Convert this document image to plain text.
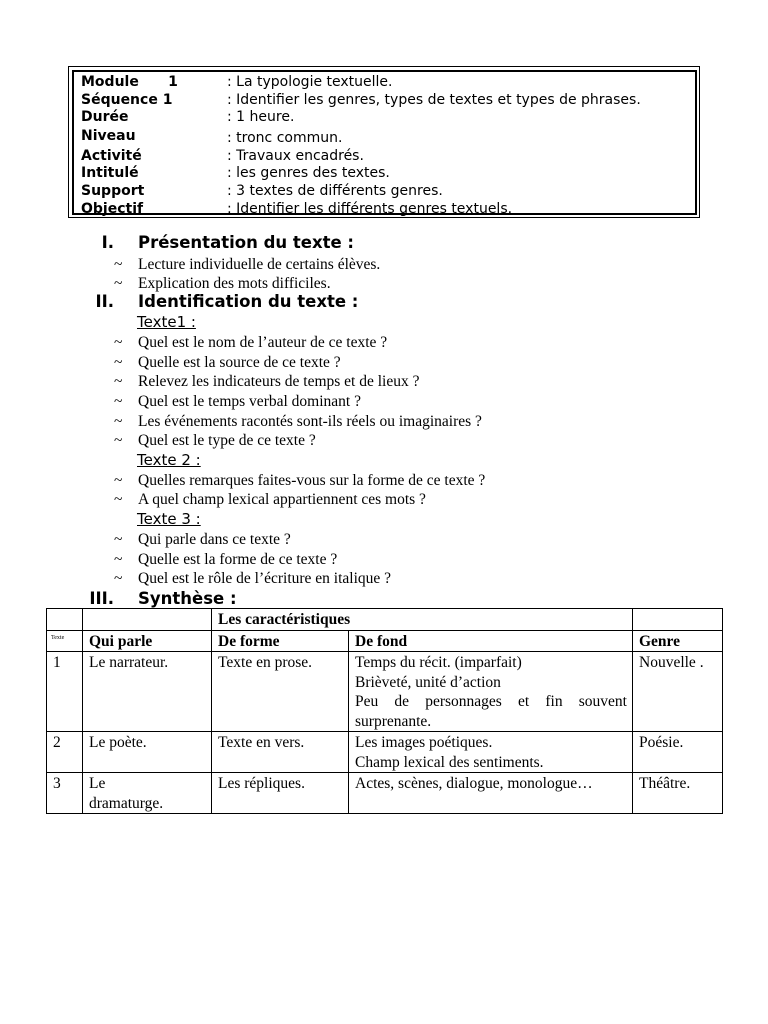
Module      1	: La typologie textuelle.
Séquence 1	: Identifier les genres, types de textes et types de phrases.
Durée	: 1 heure.
Niveau	: tronc commun.
Activité	: Travaux encadrés.
Intitulé	: les genres des textes.
Support	: 3 textes de différents genres.
Objectif	: Identifier les différents genres textuels.
I. Présentation du texte :
~	Lecture individuelle de certains élèves.
~	Explication des mots difficiles.
II. Identification du texte :
Texte1 :
~	Quel est le nom de l’auteur de ce texte ?
~	Quelle est la source de ce texte ?
~	Relevez les indicateurs de temps et de lieux ?
~	Quel est le temps verbal dominant ?
~	Les événements racontés sont-ils réels ou imaginaires ?
~	Quel est le type de ce texte ?
Texte 2 :
~	Quelles remarques faites-vous sur la forme de ce texte ?
~	A quel champ lexical appartiennent ces mots ?
Texte 3 :
~	Qui parle dans ce texte ?
~	Quelle est la forme de ce texte ?
~	Quel est le rôle de l’écriture en italique ?
III. Synthèse :
		Les caractéristiques		
Texte	Qui parle	De forme	De fond	Genre
1	Le narrateur.	Texte en prose.	Temps du récit. (imparfait)
Brièveté, unité d’action
Peu de personnages et fin souvent surprenante.	Nouvelle .
2	Le poète.	Texte en vers.	Les images poétiques.
Champ lexical des sentiments.	Poésie.
3	Le dramaturge.	Les répliques.	Actes, scènes, dialogue, monologue…	Théâtre.
